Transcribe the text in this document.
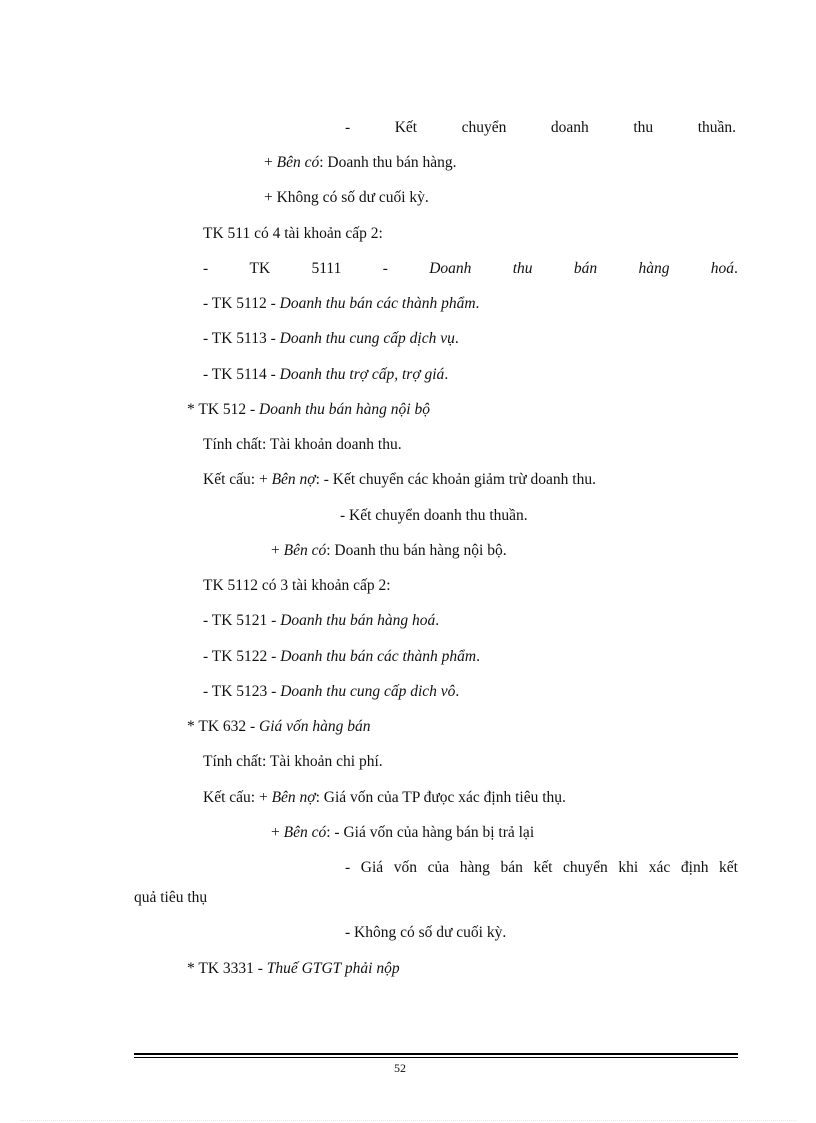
-	Kết	chuyển	doanh	thu	thuần.
+ Bên có: Doanh thu bán hàng.
+ Không có số dư cuối kỳ.
TK 511 có 4 tài khoản cấp 2:
-	TK	5111	-	Doanh	thu	bán	hàng	hoá.
- TK 5112 - Doanh thu bán các thành phẩm.
- TK 5113 - Doanh thu cung cấp dịch vụ.
- TK 5114 - Doanh thu trợ cấp, trợ giá.
* TK 512 - Doanh thu bán hàng nội bộ
Tính chất: Tài khoản doanh thu.
Kết cấu: + Bên nợ: - Kết chuyển các khoản giảm trừ doanh thu.
- Kết chuyển doanh thu thuần.
+ Bên có: Doanh thu bán hàng nội bộ.
TK 5112 có 3 tài khoản cấp 2:
- TK 5121 - Doanh thu bán hàng hoá.
- TK 5122 - Doanh thu bán các thành phẩm.
- TK 5123 - Doanh thu cung cấp dich vô.
* TK 632 - Giá vốn hàng bán
Tính chất: Tài khoản chi phí.
Kết cấu: + Bên nợ: Giá vốn của TP đưọc xác định tiêu thụ.
+ Bên có: - Giá vốn của hàng bán bị trả lại
- Giá vốn của hàng bán kết chuyển khi xác định kết
quả tiêu thụ
- Không có số dư cuối kỳ.
* TK 3331 - Thuế GTGT phải nộp
52
